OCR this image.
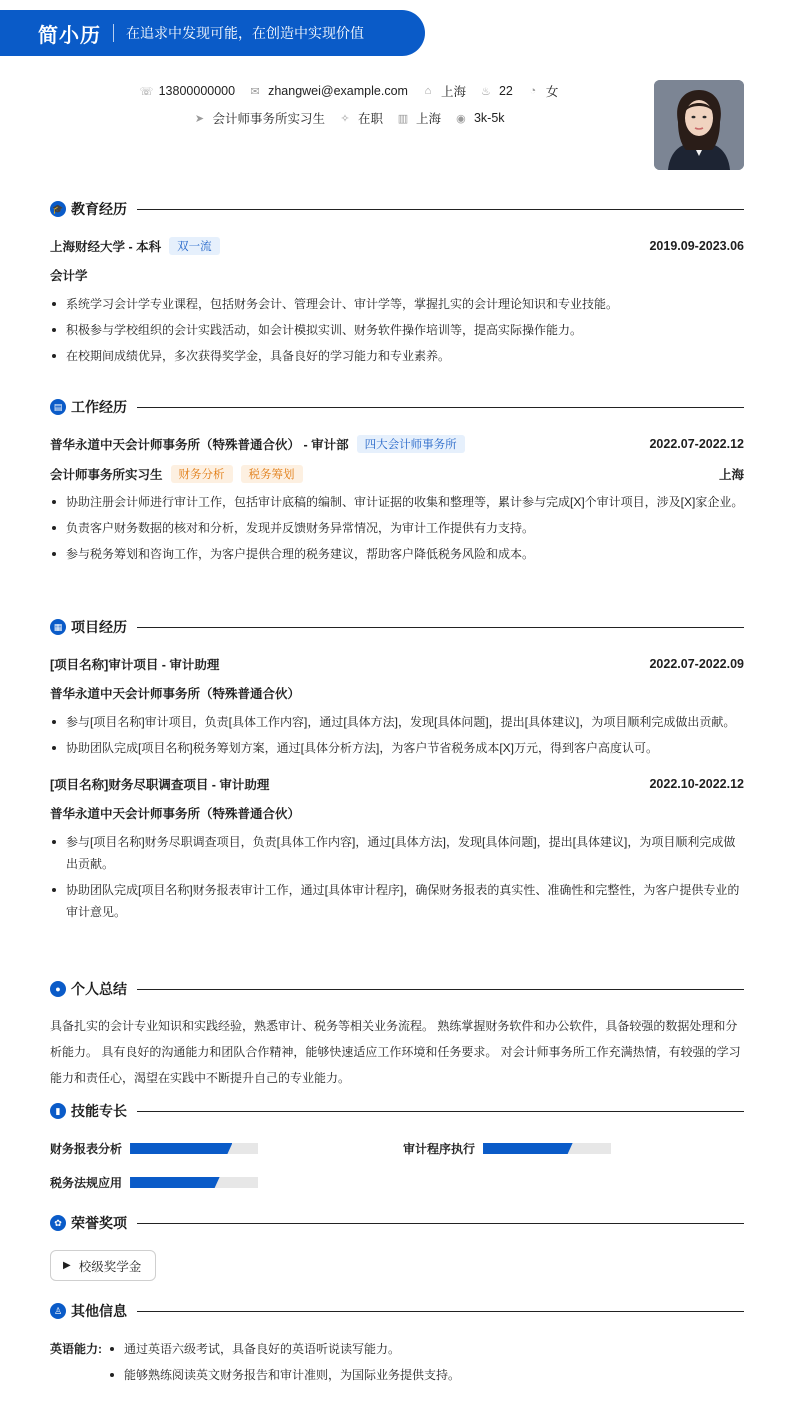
简小历 在追求中发现可能，在创造中实现价值
☏ 13800000000 ✉ zhangwei@example.com ⌂ 上海 ♨ 22 ◔ 女
➤ 会计师事务所实习生 ✧ 在职 ▥ 上海 ◉ 3k-5k
🎓 教育经历
上海财经大学 - 本科	双一流	2019.09-2023.06
会计学
系统学习会计学专业课程，包括财务会计、管理会计、审计学等，掌握扎实的会计理论知识和专业技能。
积极参与学校组织的会计实践活动，如会计模拟实训、财务软件操作培训等，提高实际操作能力。
在校期间成绩优异，多次获得奖学金，具备良好的学习能力和专业素养。
▤ 工作经历
普华永道中天会计师事务所（特殊普通合伙） - 审计部	四大会计师事务所	2022.07-2022.12
会计师事务所实习生	财务分析	税务筹划	上海
协助注册会计师进行审计工作，包括审计底稿的编制、审计证据的收集和整理等，累计参与完成[X]个审计项目，涉及[X]家企业。
负责客户财务数据的核对和分析，发现并反馈财务异常情况，为审计工作提供有力支持。
参与税务筹划和咨询工作，为客户提供合理的税务建议，帮助客户降低税务风险和成本。
▦ 项目经历
[项目名称]审计项目 - 审计助理	2022.07-2022.09
普华永道中天会计师事务所（特殊普通合伙）
参与[项目名称]审计项目，负责[具体工作内容]，通过[具体方法]，发现[具体问题]，提出[具体建议]，为项目顺利完成做出贡献。
协助团队完成[项目名称]税务筹划方案，通过[具体分析方法]，为客户节省税务成本[X]万元，得到客户高度认可。
[项目名称]财务尽职调查项目 - 审计助理	2022.10-2022.12
普华永道中天会计师事务所（特殊普通合伙）
参与[项目名称]财务尽职调查项目，负责[具体工作内容]，通过[具体方法]，发现[具体问题]，提出[具体建议]，为项目顺利完成做出贡献。
协助团队完成[项目名称]财务报表审计工作，通过[具体审计程序]，确保财务报表的真实性、准确性和完整性，为客户提供专业的审计意见。
● 个人总结
具备扎实的会计专业知识和实践经验，熟悉审计、税务等相关业务流程。 熟练掌握财务软件和办公软件，具备较强的数据处理和分析能力。 具有良好的沟通能力和团队合作精神，能够快速适应工作环境和任务要求。 对会计师事务所工作充满热情，有较强的学习能力和责任心，渴望在实践中不断提升自己的专业能力。
▮ 技能专长
财务报表分析	审计程序执行
税务法规应用
✿ 荣誉奖项
▶ 校级奖学金
♙ 其他信息
英语能力:	通过英语六级考试，具备良好的英语听说读写能力。
能够熟练阅读英文财务报告和审计准则，为国际业务提供支持。
